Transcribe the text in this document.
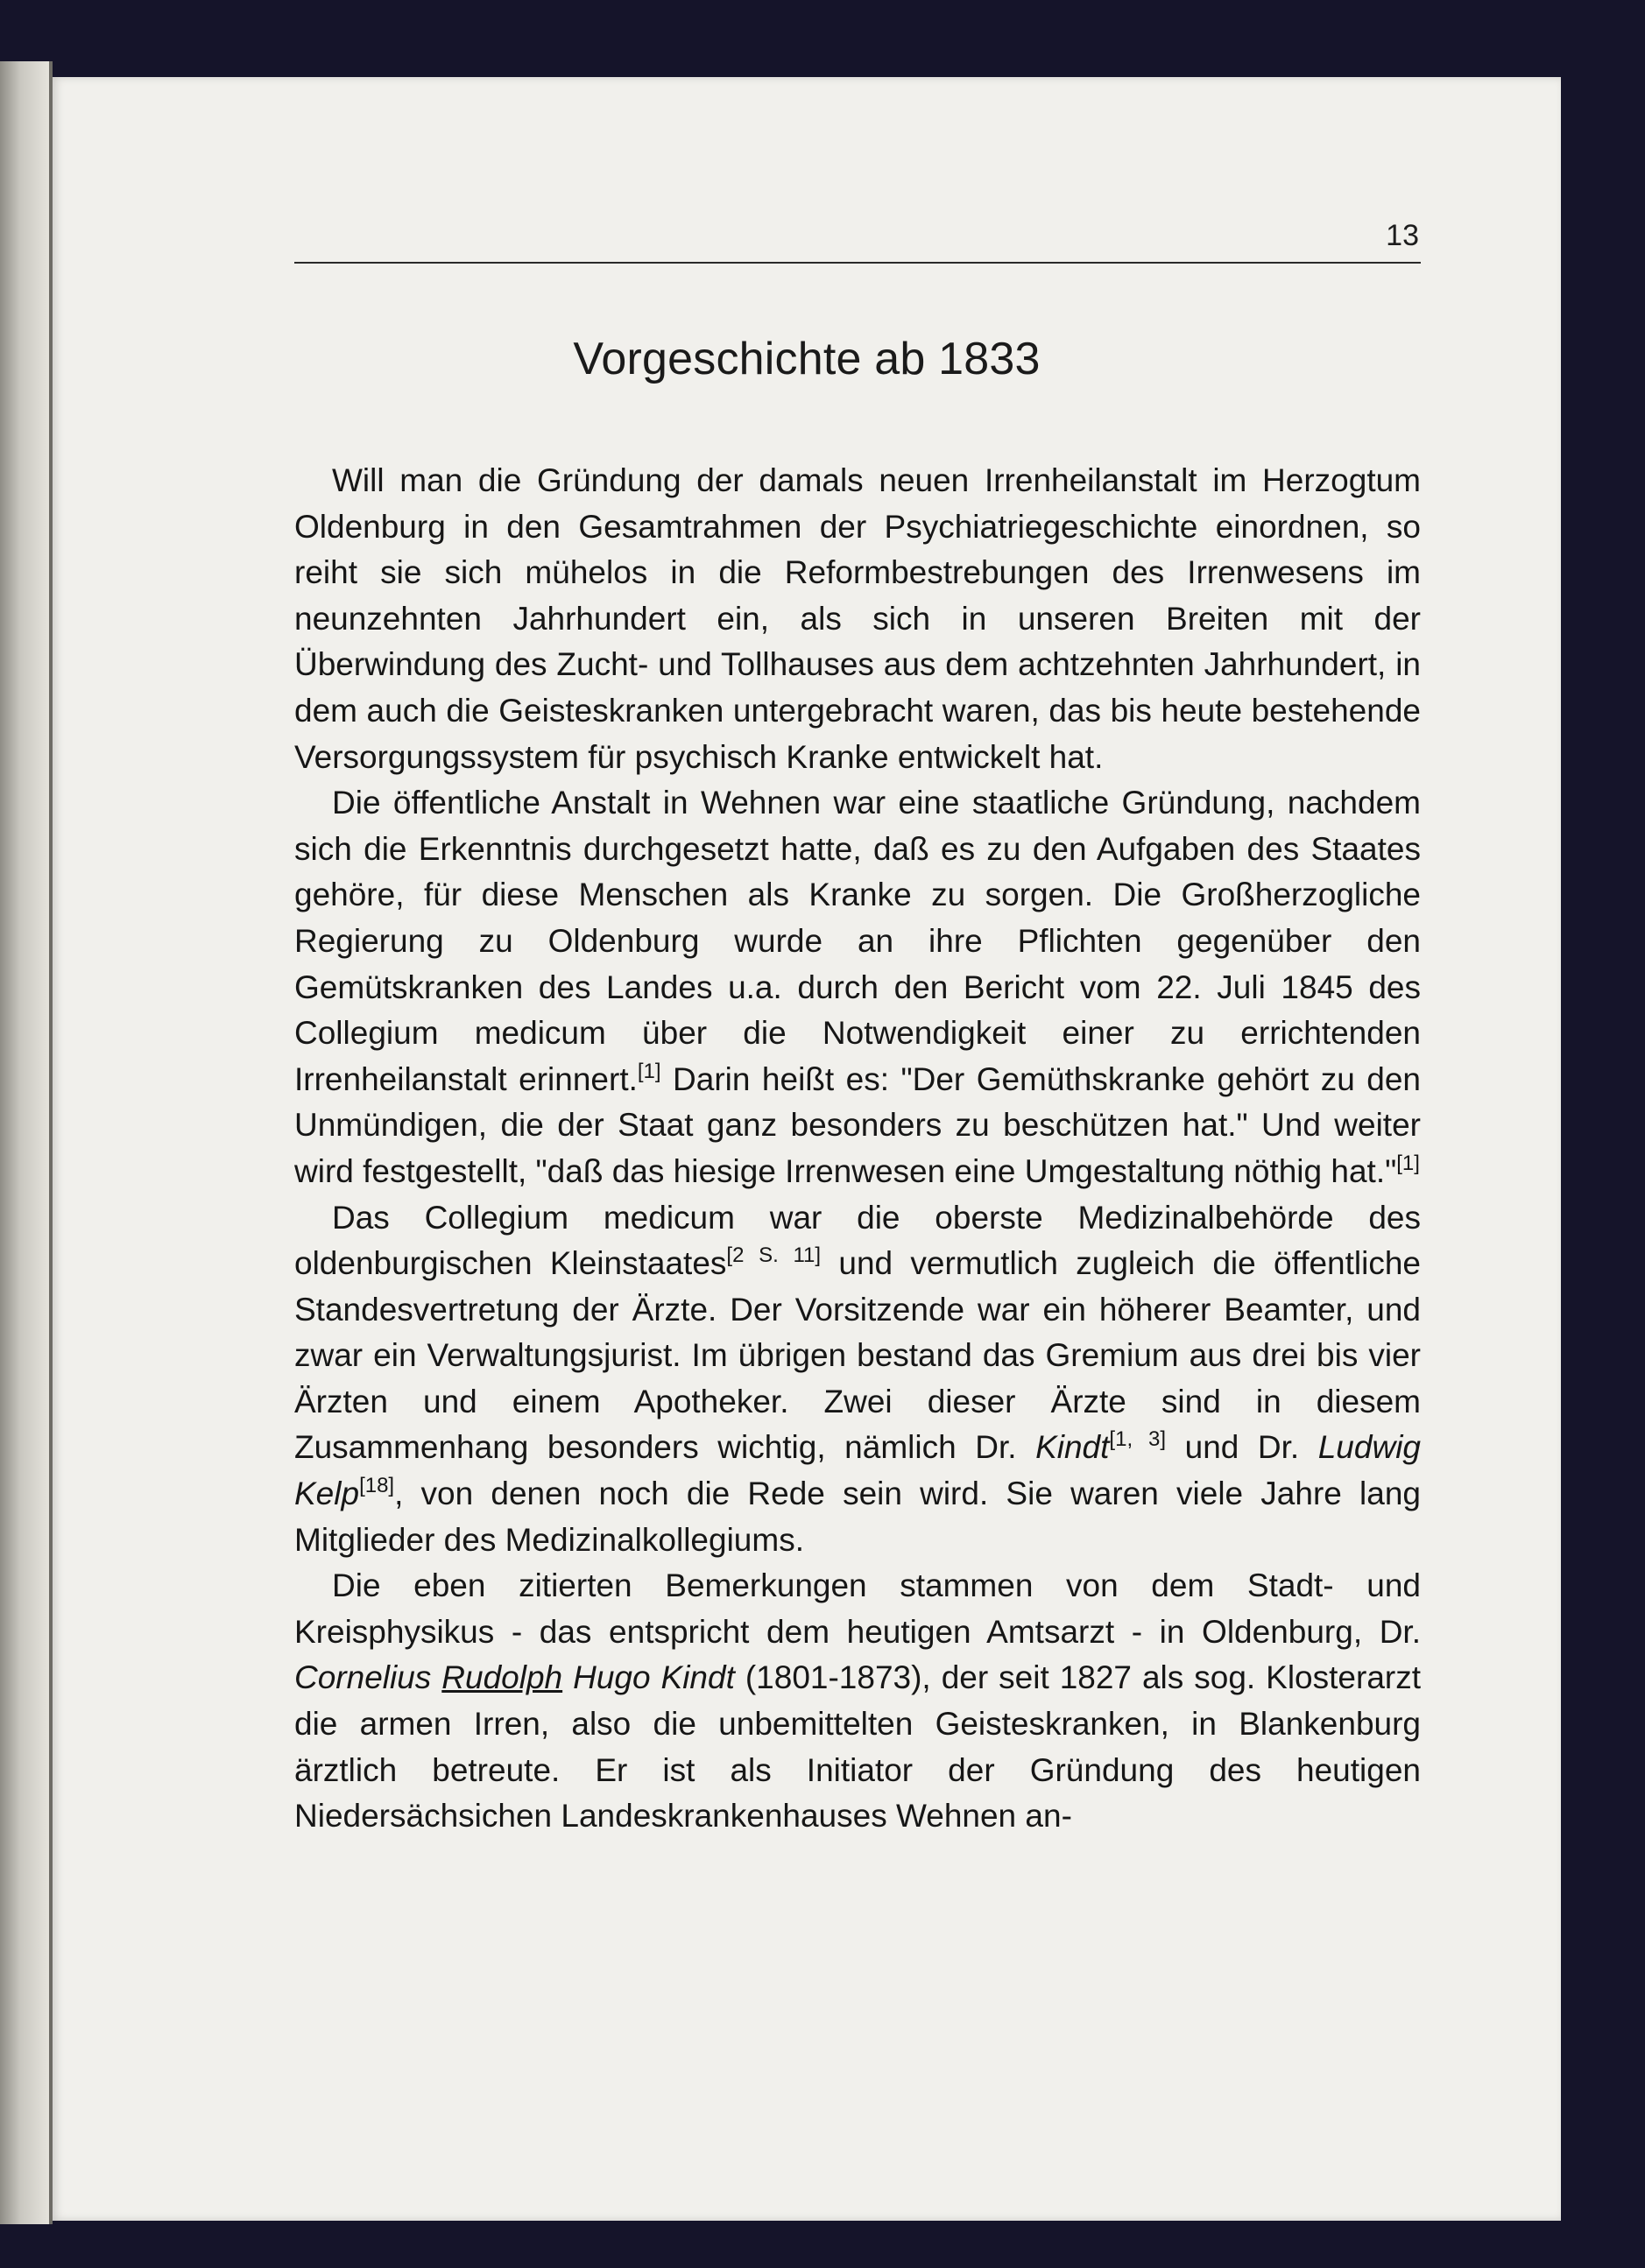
13
Vorgeschichte ab 1833

Will man die Gründung der damals neuen Irrenheilanstalt im Herzogtum Oldenburg in den Gesamtrahmen der Psychiatriegeschichte einordnen, so reiht sie sich mühelos in die Reformbestrebungen des Irrenwesens im neunzehnten Jahrhundert ein, als sich in unseren Breiten mit der Überwindung des Zucht- und Tollhauses aus dem achtzehnten Jahrhundert, in dem auch die Geisteskranken untergebracht waren, das bis heute bestehende Versorgungssystem für psychisch Kranke entwickelt hat.

Die öffentliche Anstalt in Wehnen war eine staatliche Gründung, nachdem sich die Erkenntnis durchgesetzt hatte, daß es zu den Aufgaben des Staates gehöre, für diese Menschen als Kranke zu sorgen. Die Großherzogliche Regierung zu Oldenburg wurde an ihre Pflichten gegenüber den Gemütskranken des Landes u.a. durch den Bericht vom 22. Juli 1845 des Collegium medicum über die Notwendigkeit einer zu errichtenden Irrenheilanstalt erinnert.[1] Darin heißt es: "Der Gemüthskranke gehört zu den Unmündigen, die der Staat ganz besonders zu beschützen hat." Und weiter wird festgestellt, "daß das hiesige Irrenwesen eine Umgestaltung nöthig hat."[1]

Das Collegium medicum war die oberste Medizinalbehörde des oldenburgischen Kleinstaates[2 S. 11] und vermutlich zugleich die öffentliche Standesvertretung der Ärzte. Der Vorsitzende war ein höherer Beamter, und zwar ein Verwaltungsjurist. Im übrigen bestand das Gremium aus drei bis vier Ärzten und einem Apotheker. Zwei dieser Ärzte sind in diesem Zusammenhang besonders wichtig, nämlich Dr. Kindt[1, 3] und Dr. Ludwig Kelp[18], von denen noch die Rede sein wird. Sie waren viele Jahre lang Mitglieder des Medizinalkollegiums.

Die eben zitierten Bemerkungen stammen von dem Stadt- und Kreisphysikus - das entspricht dem heutigen Amtsarzt - in Oldenburg, Dr. Cornelius Rudolph Hugo Kindt (1801-1873), der seit 1827 als sog. Klosterarzt die armen Irren, also die unbemittelten Geisteskranken, in Blankenburg ärztlich betreute. Er ist als Initiator der Gründung des heutigen Niedersächsichen Landeskrankenhauses Wehnen an-
